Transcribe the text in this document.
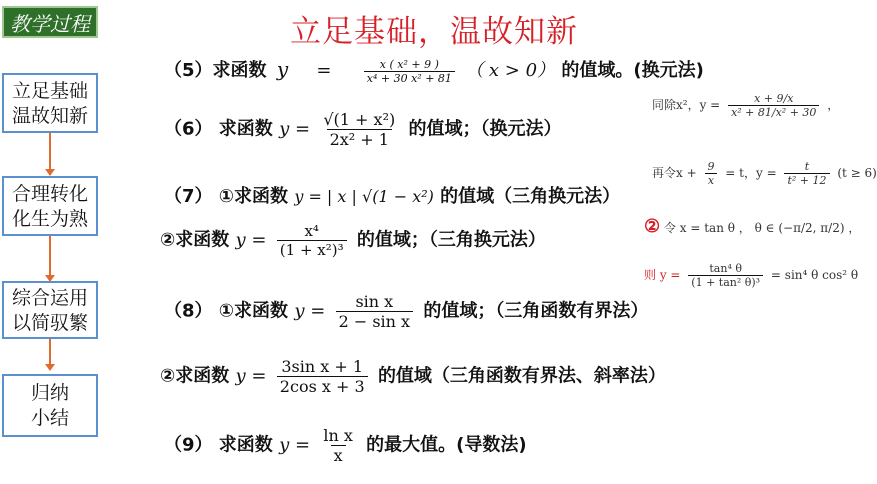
教学过程	立足基础，温故知新
立足基础
温故知新
合理转化
化生为熟
综合运用
以简驭繁
归纳
小结
（5）求函数 y =	$\frac{\text{x ( x² + 9 )}}{\text{x⁴ + 30 x² + 81}}$ （ x > 0） 的值域。(换元法)
（6） 求函数 $y = \frac{\text{√(1 + x²)}}{\text{2x² + 1}}$ 的值域；（换元法）
（7） ①求函数 y = | x | √(1 − x²) 的值域（三角换元法）
②求函数 $y = \frac{\text{x⁴}}{\text{(1 + x²)³}}$ 的值域；（三角换元法）
（8） ①求函数 $y = \frac{\text{sin x}}{\text{2 − sin x}}$ 的值域；（三角函数有界法）
②求函数 $y = \frac{\text{3sin x + 1}}{\text{2cos x + 3}}$ 的值域（三角函数有界法、斜率法）
（9） 求函数 $y = \frac{\text{ln x}}{x}$ 的最大值。(导数法)
同除x²，$y = \frac{x + 9/x}{\text{x² + 81/x² + 30}}$ ，
再令$x + \frac{9}{x} = t$，$y = \frac{t}{\text{t² + 12}} (t \ge 6)$
② 令 x = tan θ ， θ ∈ (−π/2, π/2) ，
则 $y = \frac{\text{tan⁴ θ}}{\text{(1 + tan² θ)³}} = \sin^4$ θ cos² θ
